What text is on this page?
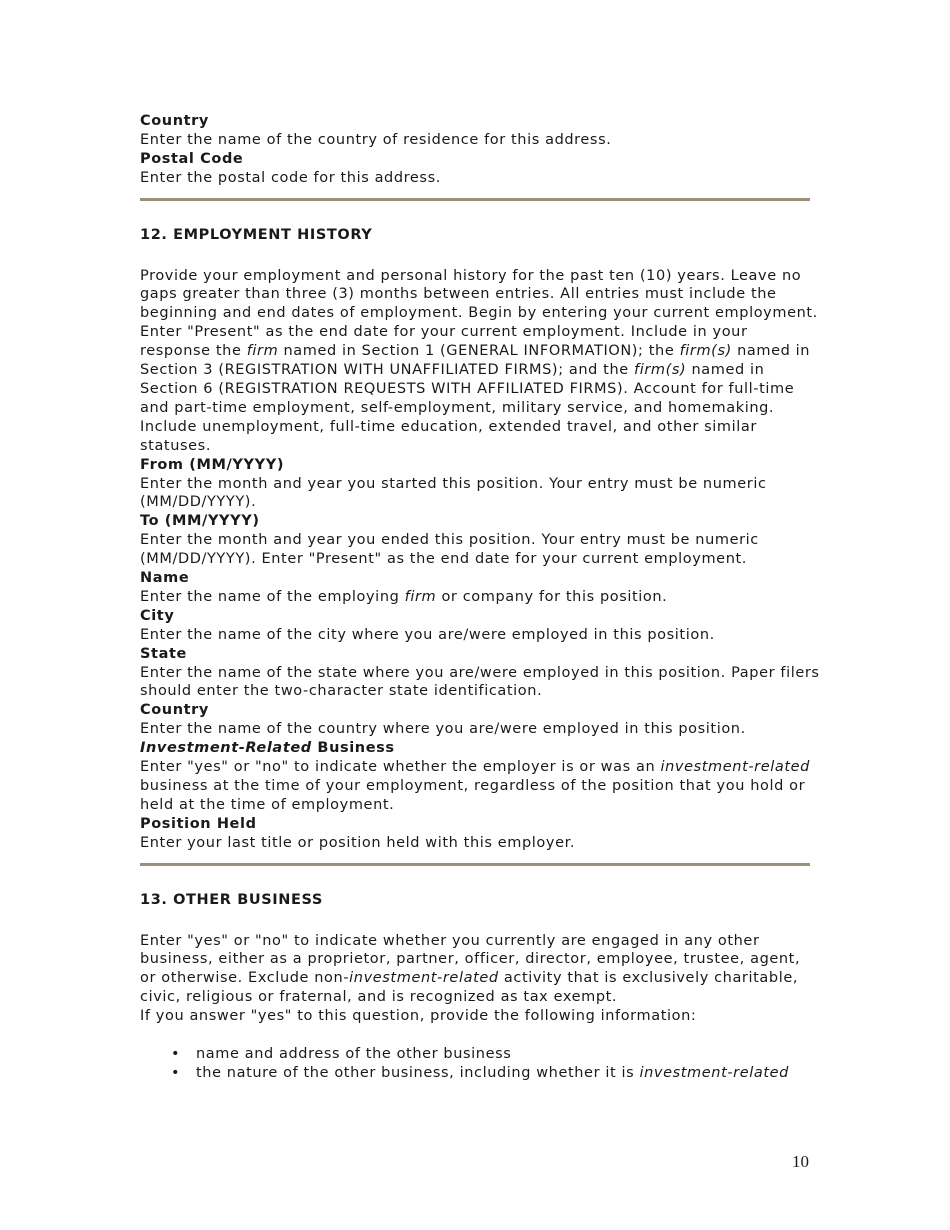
Country
Enter the name of the country of residence for this address.
Postal Code
Enter the postal code for this address.
12. EMPLOYMENT HISTORY
Provide your employment and personal history for the past ten (10) years. Leave no gaps greater than three (3) months between entries. All entries must include the beginning and end dates of employment. Begin by entering your current employment. Enter "Present" as the end date for your current employment. Include in your response the firm named in Section 1 (GENERAL INFORMATION); the firm(s) named in Section 3 (REGISTRATION WITH UNAFFILIATED FIRMS); and the firm(s) named in Section 6 (REGISTRATION REQUESTS WITH AFFILIATED FIRMS). Account for full-time and part-time employment, self-employment, military service, and homemaking. Include unemployment, full-time education, extended travel, and other similar statuses.
From (MM/YYYY)
Enter the month and year you started this position. Your entry must be numeric (MM/DD/YYYY).
To (MM/YYYY)
Enter the month and year you ended this position. Your entry must be numeric (MM/DD/YYYY). Enter "Present" as the end date for your current employment.
Name
Enter the name of the employing firm or company for this position.
City
Enter the name of the city where you are/were employed in this position.
State
Enter the name of the state where you are/were employed in this position. Paper filers should enter the two-character state identification.
Country
Enter the name of the country where you are/were employed in this position.
Investment-Related Business
Enter "yes" or "no" to indicate whether the employer is or was an investment-related business at the time of your employment, regardless of the position that you hold or held at the time of employment.
Position Held
Enter your last title or position held with this employer.
13. OTHER BUSINESS
Enter "yes" or "no" to indicate whether you currently are engaged in any other business, either as a proprietor, partner, officer, director, employee, trustee, agent, or otherwise. Exclude non-investment-related activity that is exclusively charitable, civic, religious or fraternal, and is recognized as tax exempt.
If you answer "yes" to this question, provide the following information:
• name and address of the other business
• the nature of the other business, including whether it is investment-related
10
